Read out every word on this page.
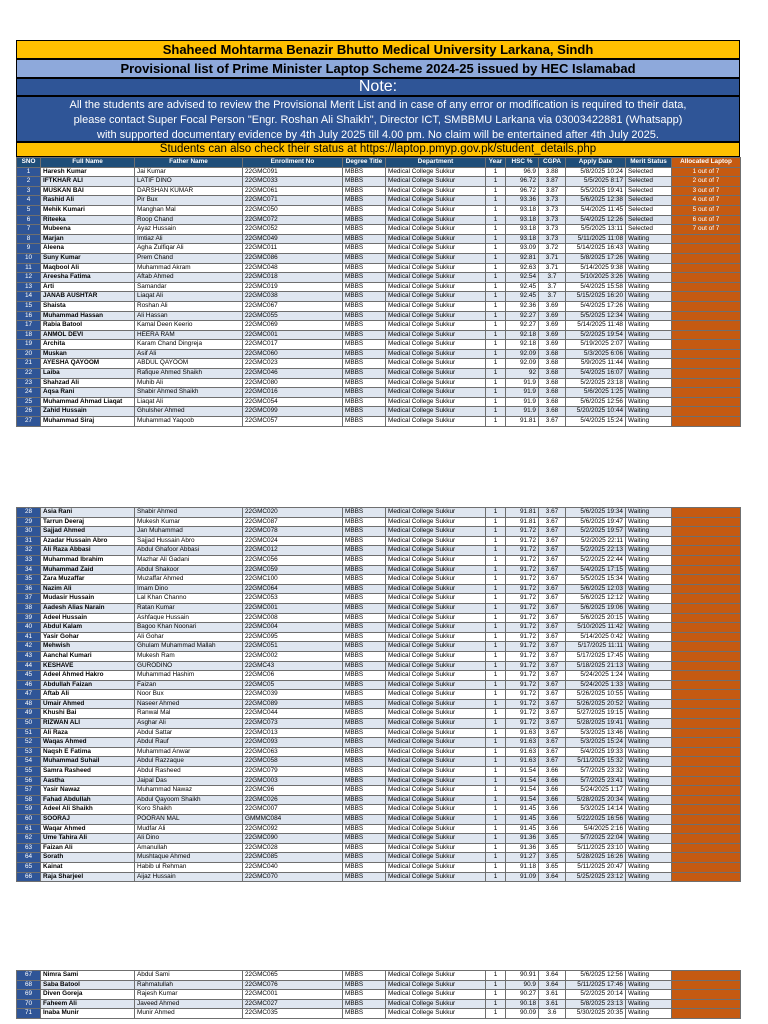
Shaheed Mohtarma Benazir Bhutto Medical University Larkana, Sindh
Provisional list of Prime Minister Laptop Scheme 2024-25 issued by HEC Islamabad
Note:
All the students are advised to review the Provisional Merit List and in case of any error or modification is required to their data,
please contact Super Focal Person "Engr. Roshan Ali Shaikh", Director ICT, SMBBMU Larkana via 03003422881 (Whatsapp)
with supported documentary evidence by 4th July 2025 till 4.00 pm. No claim will be entertained after 4th July 2025.
Students can also check their status at https://laptop.pmyp.gov.pk/student_details.php
SNO	Full Name	Father Name	Enrollment No	Degree Title	Department	Year	HSC %	CGPA	Apply Date	Merit Status	Allocated Laptop
1	Haresh Kumar	Jai Kumar	22GMC091	MBBS	Medical College Sukkur	1	96.9	3.88	5/8/2025 10:24	Selected	1 out of 7
2	IFTKHAR ALI	LATIF DINO	22GMC033	MBBS	Medical College Sukkur	1	96.72	3.87	5/5/2025 8:17	Selected	2 out of 7
3	MUSKAN BAI	DARSHAN KUMAR	22GMC061	MBBS	Medical College Sukkur	1	96.72	3.87	5/5/2025 19:41	Selected	3 out of 7
4	Rashid Ali	Pir Bux	22GMC071	MBBS	Medical College Sukkur	1	93.36	3.73	5/6/2025 12:38	Selected	4 out of 7
5	Mehik Kumari	Manghan Mal	22GMC050	MBBS	Medical College Sukkur	1	93.18	3.73	5/4/2025 11:45	Selected	5 out of 7
6	Riteeka	Roop Chand	22GMC072	MBBS	Medical College Sukkur	1	93.18	3.73	5/4/2025 12:26	Selected	6 out of 7
7	Mubeena	Ayaz Hussain	22GMC052	MBBS	Medical College Sukkur	1	93.18	3.73	5/5/2025 13:11	Selected	7 out of 7
8	Marjan	Imtiaz Ali	22GMC049	MBBS	Medical College Sukkur	1	93.18	3.73	5/11/2025 11:08	Waiting	
9	Aleena	Agha Zulfiqar Ali	22GMC011	MBBS	Medical College Sukkur	1	93.09	3.72	5/14/2025 16:43	Waiting	
10	Suny Kumar	Prem Chand	22GMC086	MBBS	Medical College Sukkur	1	92.81	3.71	5/8/2025 17:26	Waiting	
11	Maqbool Ali	Muhammad Akram	22GMC048	MBBS	Medical College Sukkur	1	92.63	3.71	5/14/2025 9:38	Waiting	
12	Areesha Fatima	Aftab Ahmed	22GMC018	MBBS	Medical College Sukkur	1	92.54	3.7	5/10/2025 3:26	Waiting	
13	Arti	Samandar	22GMC019	MBBS	Medical College Sukkur	1	92.45	3.7	5/4/2025 15:58	Waiting	
14	JANAB AUSHTAR	Liaqat Ali	22GMC038	MBBS	Medical College Sukkur	1	92.45	3.7	5/15/2025 16:20	Waiting	
15	Shaista	Roshan Ali	22GMC067	MBBS	Medical College Sukkur	1	92.36	3.69	5/4/2025 17:26	Waiting	
16	Muhammad Hassan	Ali Hassan	22GMC055	MBBS	Medical College Sukkur	1	92.27	3.69	5/5/2025 12:34	Waiting	
17	Rabia Batool	Kamal Deen Keerio	22GMC069	MBBS	Medical College Sukkur	1	92.27	3.69	5/14/2025 11:48	Waiting	
18	ANMOL DEVI	HEERA RAM	22GMC001	MBBS	Medical College Sukkur	1	92.18	3.69	5/2/2025 19:54	Waiting	
19	Archita	Karam Chand Dingreja	22GMC017	MBBS	Medical College Sukkur	1	92.18	3.69	5/19/2025 2:07	Waiting	
20	Muskan	Asif Ali	22GMC060	MBBS	Medical College Sukkur	1	92.09	3.68	5/3/2025 6:06	Waiting	
21	AYESHA QAYOOM	ABDUL QAYOOM	22GMC023	MBBS	Medical College Sukkur	1	92.09	3.68	5/9/2025 11:44	Waiting	
22	Laiba	Rafique Ahmed Shaikh	22GMC046	MBBS	Medical College Sukkur	1	92	3.68	5/4/2025 16:07	Waiting	
23	Shahzad Ali	Muhib Ali	22GMC080	MBBS	Medical College Sukkur	1	91.9	3.68	5/2/2025 23:18	Waiting	
24	Aqsa Rani	Shabir Ahmed Shaikh	22GMC016	MBBS	Medical College Sukkur	1	91.9	3.68	5/6/2025 1:25	Waiting	
25	Muhammad Ahmad Liaqat	Liaqat Ali	22GMC054	MBBS	Medical College Sukkur	1	91.9	3.68	5/6/2025 12:56	Waiting	
26	Zahid Hussain	Ghulsher Ahmed	22GMC099	MBBS	Medical College Sukkur	1	91.9	3.68	5/20/2025 10:44	Waiting	
27	Muhammad Siraj	Muhammad Yaqoob	22GMC057	MBBS	Medical College Sukkur	1	91.81	3.67	5/4/2025 15:24	Waiting	
28	Asia Rani	Shabir Ahmed	22GMC020	MBBS	Medical College Sukkur	1	91.81	3.67	5/6/2025 19:34	Waiting	
29	Tarrun Deeraj	Mukesh Kumar	22GMC087	MBBS	Medical College Sukkur	1	91.81	3.67	5/6/2025 19:47	Waiting	
30	Sajjad Ahmed	Jan Muhammad	22GMC078	MBBS	Medical College Sukkur	1	91.72	3.67	5/2/2025 19:57	Waiting	
31	Azadar Hussain Abro	Sajjad Hussain Abro	22GMC024	MBBS	Medical College Sukkur	1	91.72	3.67	5/2/2025 22:11	Waiting	
32	Ali Raza Abbasi	Abdul Ghafoor Abbasi	22GMC012	MBBS	Medical College Sukkur	1	91.72	3.67	5/2/2025 22:13	Waiting	
33	Muhammad Ibrahim	Mazhar Ali Gadani	22GMC056	MBBS	Medical College Sukkur	1	91.72	3.67	5/2/2025 22:44	Waiting	
34	Muhammad Zaid	Abdul Shakoor	22GMC059	MBBS	Medical College Sukkur	1	91.72	3.67	5/4/2025 17:15	Waiting	
35	Zara Muzaffar	Muzaffar Ahmed	22GMC100	MBBS	Medical College Sukkur	1	91.72	3.67	5/5/2025 15:34	Waiting	
36	Nazim Ali	Imam Dino	22GMC064	MBBS	Medical College Sukkur	1	91.72	3.67	5/6/2025 12:03	Waiting	
37	Mudasir Hussain	Lal Khan Channo	22GMC053	MBBS	Medical College Sukkur	1	91.72	3.67	5/6/2025 12:12	Waiting	
38	Aadesh Alias Narain	Ratan Kumar	22GMC001	MBBS	Medical College Sukkur	1	91.72	3.67	5/6/2025 19:06	Waiting	
39	Adeel Hussain	Ashfaque Hussain	22GMC008	MBBS	Medical College Sukkur	1	91.72	3.67	5/6/2025 20:15	Waiting	
40	Abdul Kalam	Bagoo Khan Noonari	22GMC004	MBBS	Medical College Sukkur	1	91.72	3.67	5/10/2025 11:42	Waiting	
41	Yasir Gohar	Ali Gohar	22GMC095	MBBS	Medical College Sukkur	1	91.72	3.67	5/14/2025 0:42	Waiting	
42	Mehwish	Ghulam Muhammad Mallah	22GMC051	MBBS	Medical College Sukkur	1	91.72	3.67	5/17/2025 11:11	Waiting	
43	Aanchal Kumari	Mukesh Ram	22GMC002	MBBS	Medical College Sukkur	1	91.72	3.67	5/17/2025 17:45	Waiting	
44	KESHAVE	GURODINO	22GMC43	MBBS	Medical College Sukkur	1	91.72	3.67	5/18/2025 21:13	Waiting	
45	Adeel Ahmed Hakro	Muhammad Hashim	22GMC06	MBBS	Medical College Sukkur	1	91.72	3.67	5/24/2025 1:24	Waiting	
46	Abdullah Faizan	Faizan	22GMC05	MBBS	Medical College Sukkur	1	91.72	3.67	5/24/2025 1:33	Waiting	
47	Aftab Ali	Noor Bux	22GMC039	MBBS	Medical College Sukkur	1	91.72	3.67	5/26/2025 10:55	Waiting	
48	Umair Ahmed	Naseer Ahmed	22GMC089	MBBS	Medical College Sukkur	1	91.72	3.67	5/26/2025 20:52	Waiting	
49	Khushi Bai	Ranwal Mal	22GMC044	MBBS	Medical College Sukkur	1	91.72	3.67	5/27/2025 19:15	Waiting	
50	RIZWAN ALI	Asghar Ali	22GMC073	MBBS	Medical College Sukkur	1	91.72	3.67	5/28/2025 19:41	Waiting	
51	Ali Raza	Abdul Sattar	22GMC013	MBBS	Medical College Sukkur	1	91.63	3.67	5/3/2025 13:46	Waiting	
52	Waqas Ahmed	Abdul Rauf	22GMC093	MBBS	Medical College Sukkur	1	91.63	3.67	5/3/2025 15:24	Waiting	
53	Naqsh E Fatima	Muhammad Anwar	22GMC063	MBBS	Medical College Sukkur	1	91.63	3.67	5/4/2025 19:33	Waiting	
54	Muhammad Suhail	Abdul Razzaque	22GMC058	MBBS	Medical College Sukkur	1	91.63	3.67	5/11/2025 15:32	Waiting	
55	Samra Rasheed	Abdul Rasheed	22GMC079	MBBS	Medical College Sukkur	1	91.54	3.66	5/7/2025 23:32	Waiting	
56	Aastha	Jaipal Das	22GMC003	MBBS	Medical College Sukkur	1	91.54	3.66	5/7/2025 23:41	Waiting	
57	Yasir Nawaz	Muhammad Nawaz	22GMC96	MBBS	Medical College Sukkur	1	91.54	3.66	5/24/2025 1:17	Waiting	
58	Fahad Abdullah	Abdul Qayoom Shaikh	22GMC026	MBBS	Medical College Sukkur	1	91.54	3.66	5/28/2025 20:34	Waiting	
59	Adeel Ali Shaikh	Koro Shaikh	22GMC007	MBBS	Medical College Sukkur	1	91.45	3.66	5/3/2025 14:14	Waiting	
60	SOORAJ	POORAN MAL	GMMMC084	MBBS	Medical College Sukkur	1	91.45	3.66	5/22/2025 16:56	Waiting	
61	Waqar Ahmed	Mudfar Ali	22GMC092	MBBS	Medical College Sukkur	1	91.45	3.66	5/4/2025 2:16	Waiting	
62	Ume Tahira Ali	Ali Dino	22GMC090	MBBS	Medical College Sukkur	1	91.36	3.65	5/7/2025 22:04	Waiting	
63	Faizan Ali	Amanullah	22GMC028	MBBS	Medical College Sukkur	1	91.36	3.65	5/11/2025 23:10	Waiting	
64	Sorath	Mushtaque Ahmed	22GMC085	MBBS	Medical College Sukkur	1	91.27	3.65	5/28/2025 16:26	Waiting	
65	Kainat	Habib ul Rehman	22GMC040	MBBS	Medical College Sukkur	1	91.18	3.65	5/11/2025 20:47	Waiting	
66	Raja Sharjeel	Aijaz Hussain	22GMC070	MBBS	Medical College Sukkur	1	91.09	3.64	5/25/2025 23:12	Waiting	
67	Nimra Sami	Abdul Sami	22GMC065	MBBS	Medical College Sukkur	1	90.91	3.64	5/6/2025 12:56	Waiting	
68	Saba Batool	Rahmatullah	22GMC076	MBBS	Medical College Sukkur	1	90.9	3.64	5/11/2025 17:46	Waiting	
69	Diven Goreja	Rajesh Kumar	22GMC001	MBBS	Medical College Sukkur	1	90.27	3.61	5/2/2025 20:14	Waiting	
70	Faheem Ali	Javeed Ahmed	22GMC027	MBBS	Medical College Sukkur	1	90.18	3.61	5/8/2025 23:13	Waiting	
71	Inaba Munir	Munir Ahmed	22GMC035	MBBS	Medical College Sukkur	1	90.09	3.6	5/30/2025 20:35	Waiting	
